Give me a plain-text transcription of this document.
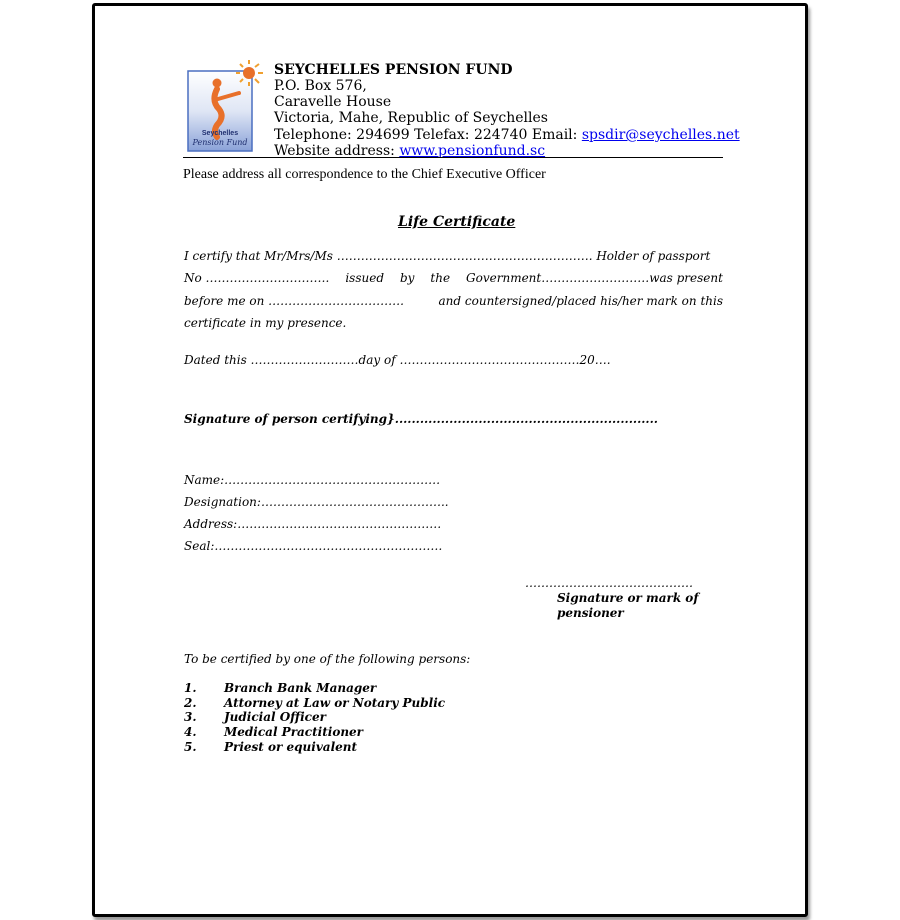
Seychelles
Pension Fund
SEYCHELLES PENSION FUND
P.O. Box 576,
Caravelle House
Victoria, Mahe, Republic of Seychelles
Telephone: 294699 Telefax: 224740 Email: spsdir@seychelles.net
Website address: www.pensionfund.sc
Please address all correspondence to the Chief Executive Officer
Life Certificate
I certify that Mr/Mrs/Ms ………………………………………………………. Holder of passport
No …………………………. issued by the Government………………………was present
before me on …………………………….	and countersigned/placed his/her mark on this
certificate in my presence.
Dated this ………………………day of ………………………………………20….
Signature of person certifying}...............................................................
Name:………………………………………………
Designation:………………………………………..
Address:……………………………………………
Seal:…………………………………………………
……………………………………
Signature or mark of
pensioner
To be certified by one of the following persons:
1. Branch Bank Manager
2. Attorney at Law or Notary Public
3. Judicial Officer
4. Medical Practitioner
5. Priest or equivalent
